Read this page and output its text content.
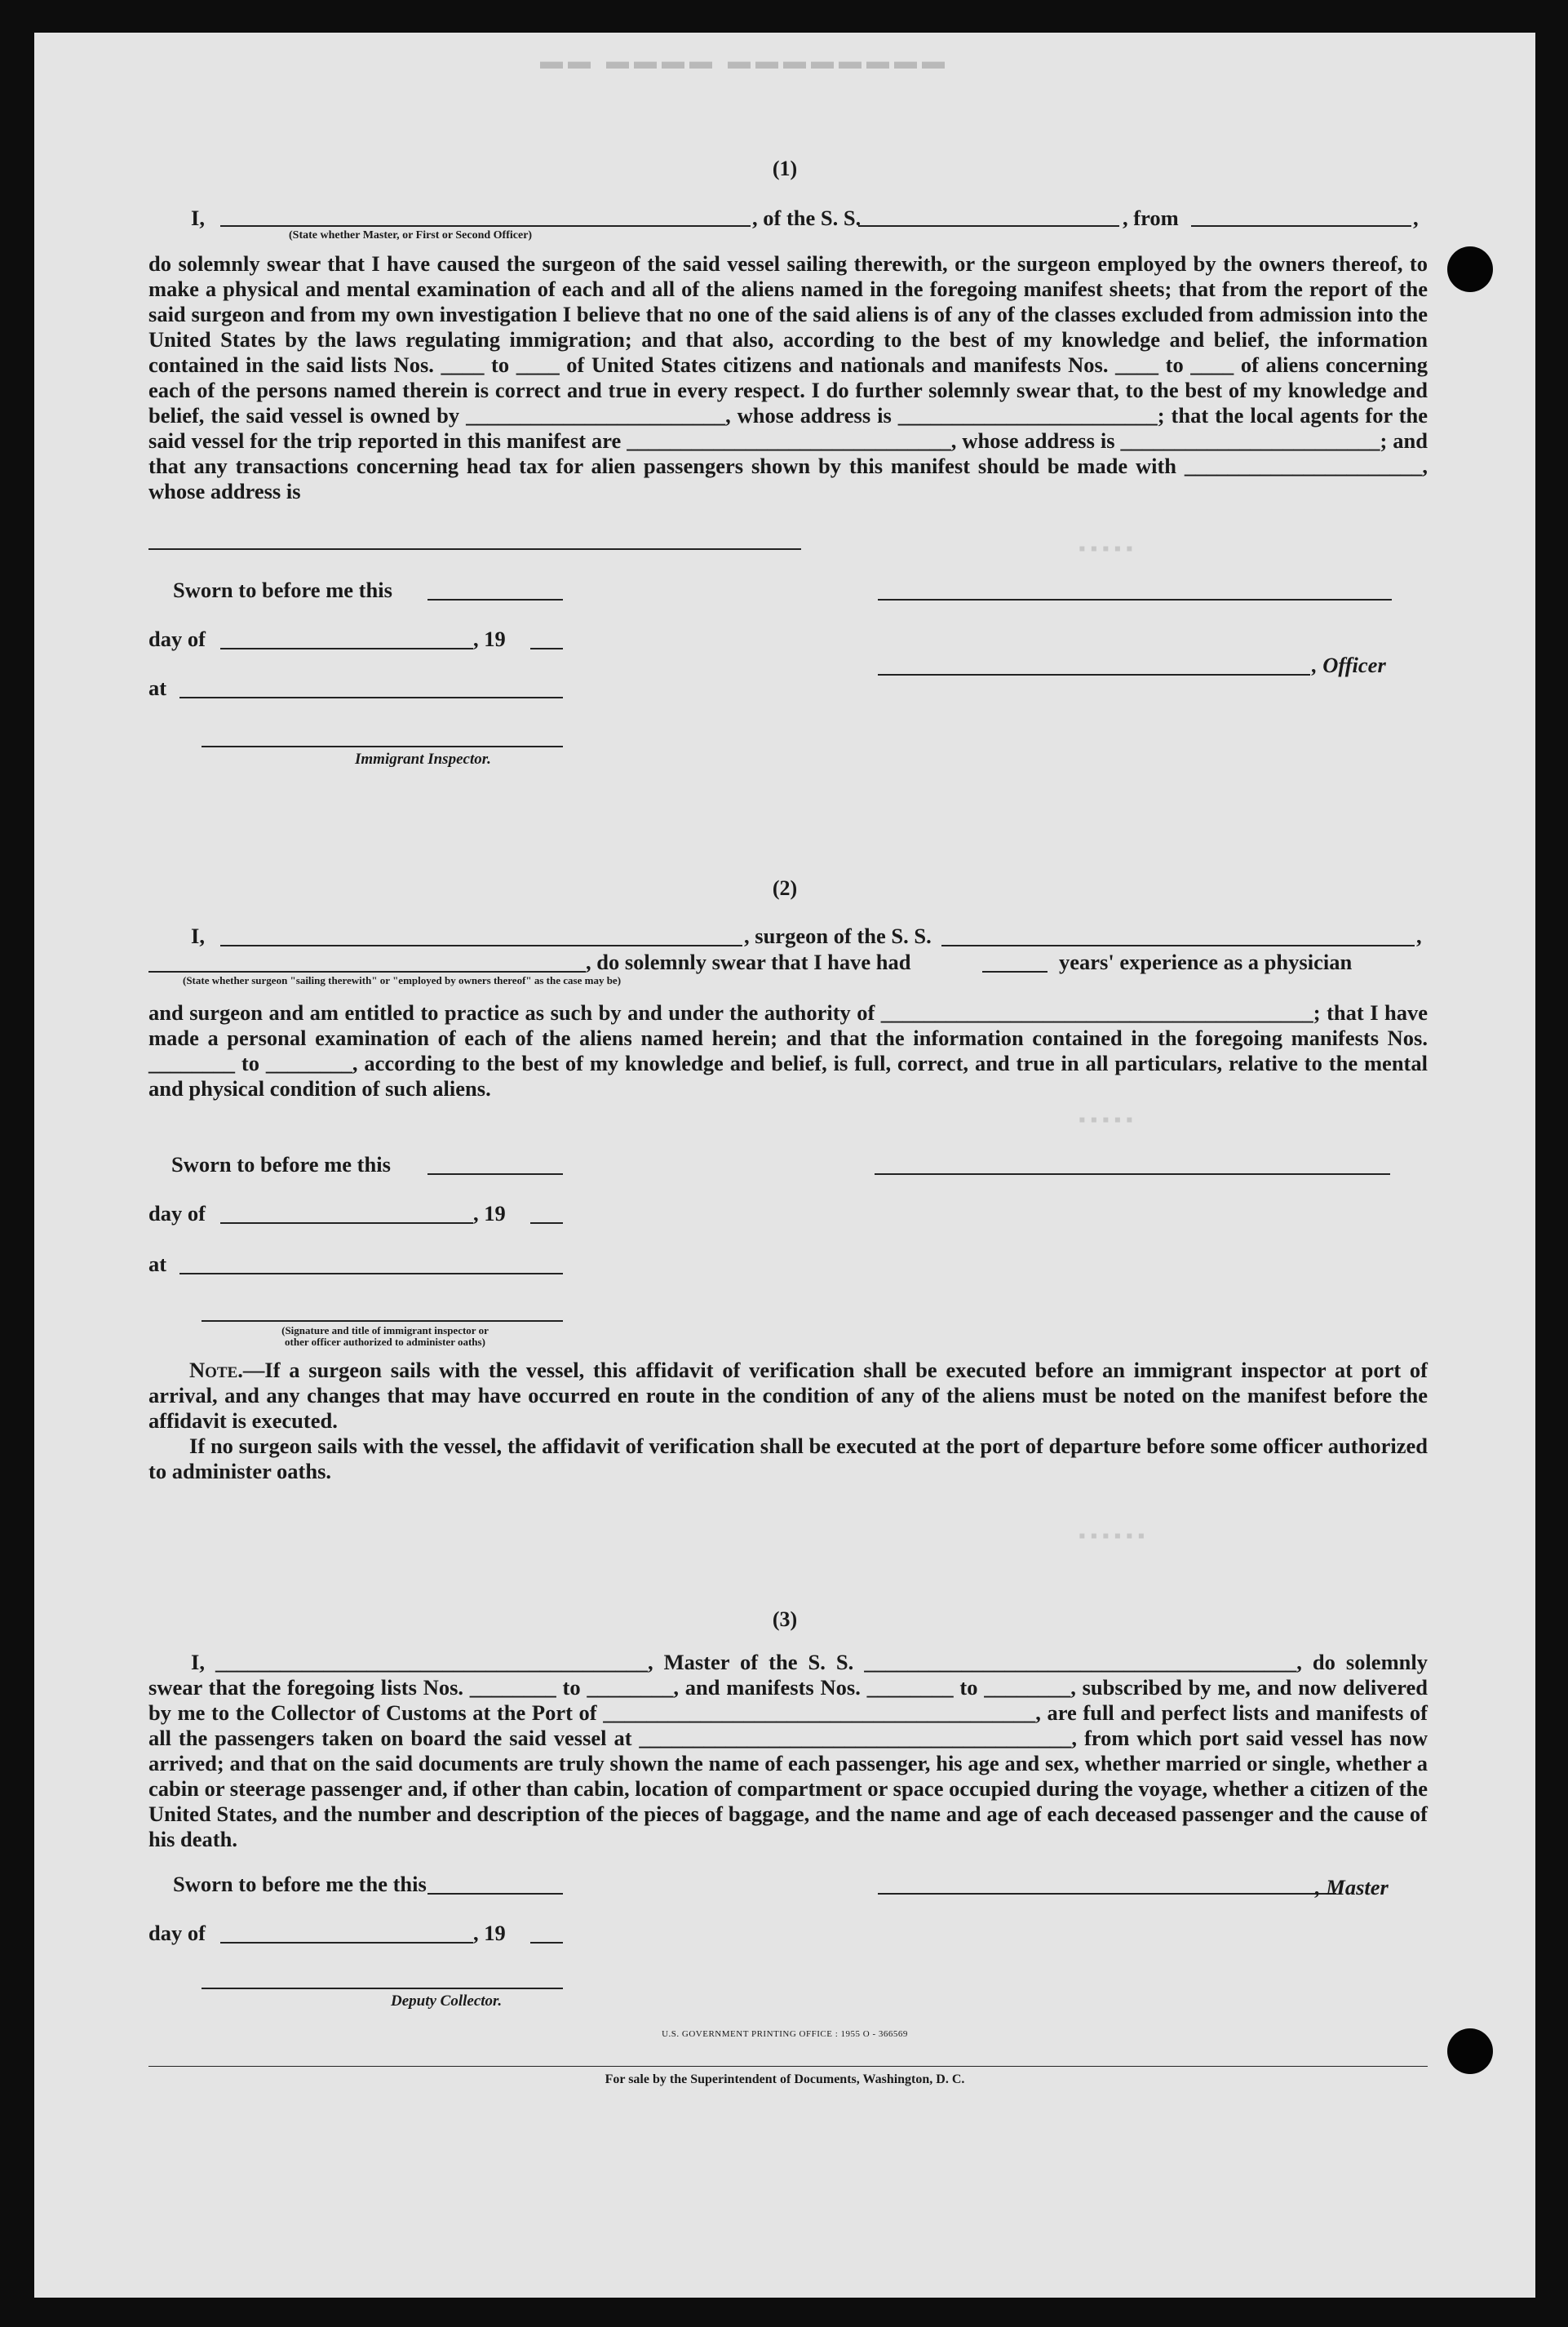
▬▬ ▬▬▬▬ ▬▬▬▬▬▬▬▬
▪ ▪ ▪ ▪ ▪
▪ ▪ ▪ ▪ ▪
▪ ▪ ▪ ▪ ▪ ▪
(1)
I,	, of the S. S.	, from	,
(State whether Master, or First or Second Officer)
do solemnly swear that I have caused the surgeon of the said vessel sailing therewith, or the surgeon employed by the owners thereof, to make a physical and mental examination of each and all of the aliens named in the foregoing manifest sheets; that from the report of the said surgeon and from my own investigation I believe that no one of the said aliens is of any of the classes excluded from admission into the United States by the laws regulating immigration; and that also, according to the best of my knowledge and belief, the information contained in the said lists Nos. ____ to ____ of United States citizens and nationals and manifests Nos. ____ to ____ of aliens concerning each of the persons named therein is correct and true in every respect. I do further solemnly swear that, to the best of my knowledge and belief, the said vessel is owned by ________________________, whose address is ________________________; that the local agents for the said vessel for the trip reported in this manifest are ______________________________, whose address is ________________________; and that any transactions concerning head tax for alien passengers shown by this manifest should be made with ______________________, whose address is
Sworn to before me this
day of	, 19
, Officer
at
Immigrant Inspector.
(2)
I,	, surgeon of the S. S.	,
, do solemnly swear that I have had	years' experience as a physician
(State whether surgeon "sailing therewith" or "employed by owners thereof" as the case may be)
and surgeon and am entitled to practice as such by and under the authority of ________________________________________; that I have made a personal examination of each of the aliens named herein; and that the information contained in the foregoing manifests Nos. ________ to ________, according to the best of my knowledge and belief, is full, correct, and true in all particulars, relative to the mental and physical condition of such aliens.
Sworn to before me this
day of	, 19
at
(Signature and title of immigrant inspector or
other officer authorized to administer oaths)
Note.—If a surgeon sails with the vessel, this affidavit of verification shall be executed before an immigrant inspector at port of arrival, and any changes that may have occurred en route in the condition of any of the aliens must be noted on the manifest before the affidavit is executed.
If no surgeon sails with the vessel, the affidavit of verification shall be executed at the port of departure before some officer authorized to administer oaths.
(3)
I, ________________________________________, Master of the S. S. ________________________________________, do solemnly swear that the foregoing lists Nos. ________ to ________, and manifests Nos. ________ to ________, subscribed by me, and now delivered by me to the Collector of Customs at the Port of ________________________________________, are full and perfect lists and manifests of all the passengers taken on board the said vessel at ________________________________________, from which port said vessel has now arrived; and that on the said documents are truly shown the name of each passenger, his age and sex, whether married or single, whether a cabin or steerage passenger and, if other than cabin, location of compartment or space occupied during the voyage, whether a citizen of the United States, and the number and description of the pieces of baggage, and the name and age of each deceased passenger and the cause of his death.
Sworn to before me the this	, Master
day of	, 19
Deputy Collector.
U.S. GOVERNMENT PRINTING OFFICE : 1955 O - 366569
For sale by the Superintendent of Documents, Washington, D. C.
